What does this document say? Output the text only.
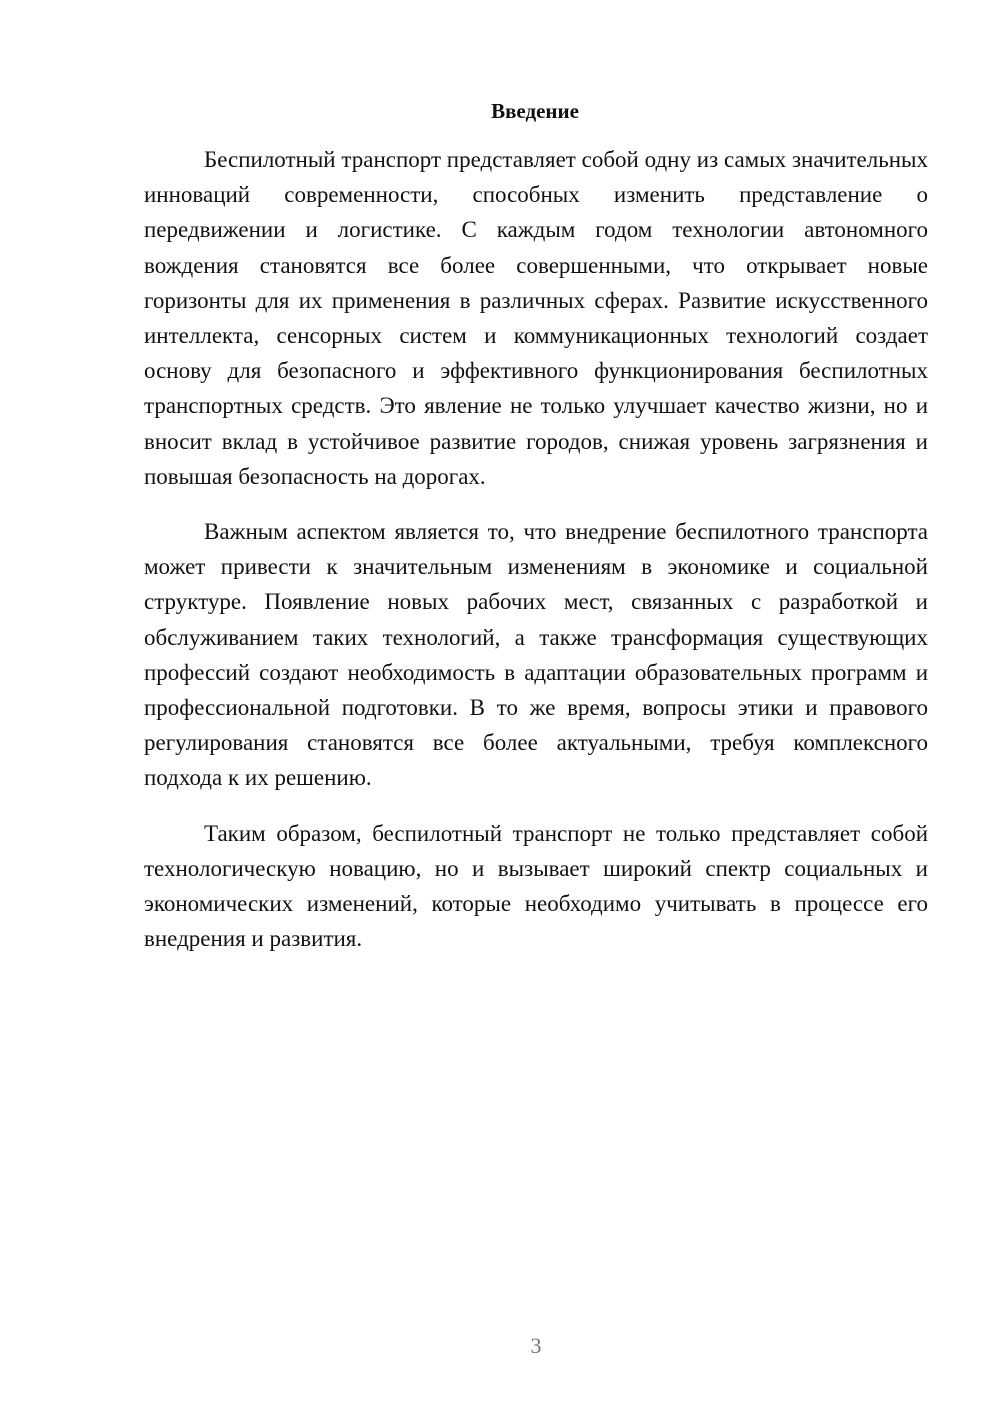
Введение

Беспилотный транспорт представляет собой одну из самых значительных инноваций современности, способных изменить представление о передвижении и логистике. С каждым годом технологии автономного вождения становятся все более совершенными, что открывает новые горизонты для их применения в различных сферах. Развитие искусственного интеллекта, сенсорных систем и коммуникационных технологий создает основу для безопасного и эффективного функционирования беспилотных транспортных средств. Это явление не только улучшает качество жизни, но и вносит вклад в устойчивое развитие городов, снижая уровень загрязнения и повышая безопасность на дорогах.

Важным аспектом является то, что внедрение беспилотного транспорта может привести к значительным изменениям в экономике и социальной структуре. Появление новых рабочих мест, связанных с разработкой и обслуживанием таких технологий, а также трансформация существующих профессий создают необходимость в адаптации образовательных программ и профессиональной подготовки. В то же время, вопросы этики и правового регулирования становятся все более актуальными, требуя комплексного подхода к их решению.

Таким образом, беспилотный транспорт не только представляет собой технологическую новацию, но и вызывает широкий спектр социальных и экономических изменений, которые необходимо учитывать в процессе его внедрения и развития.

3
